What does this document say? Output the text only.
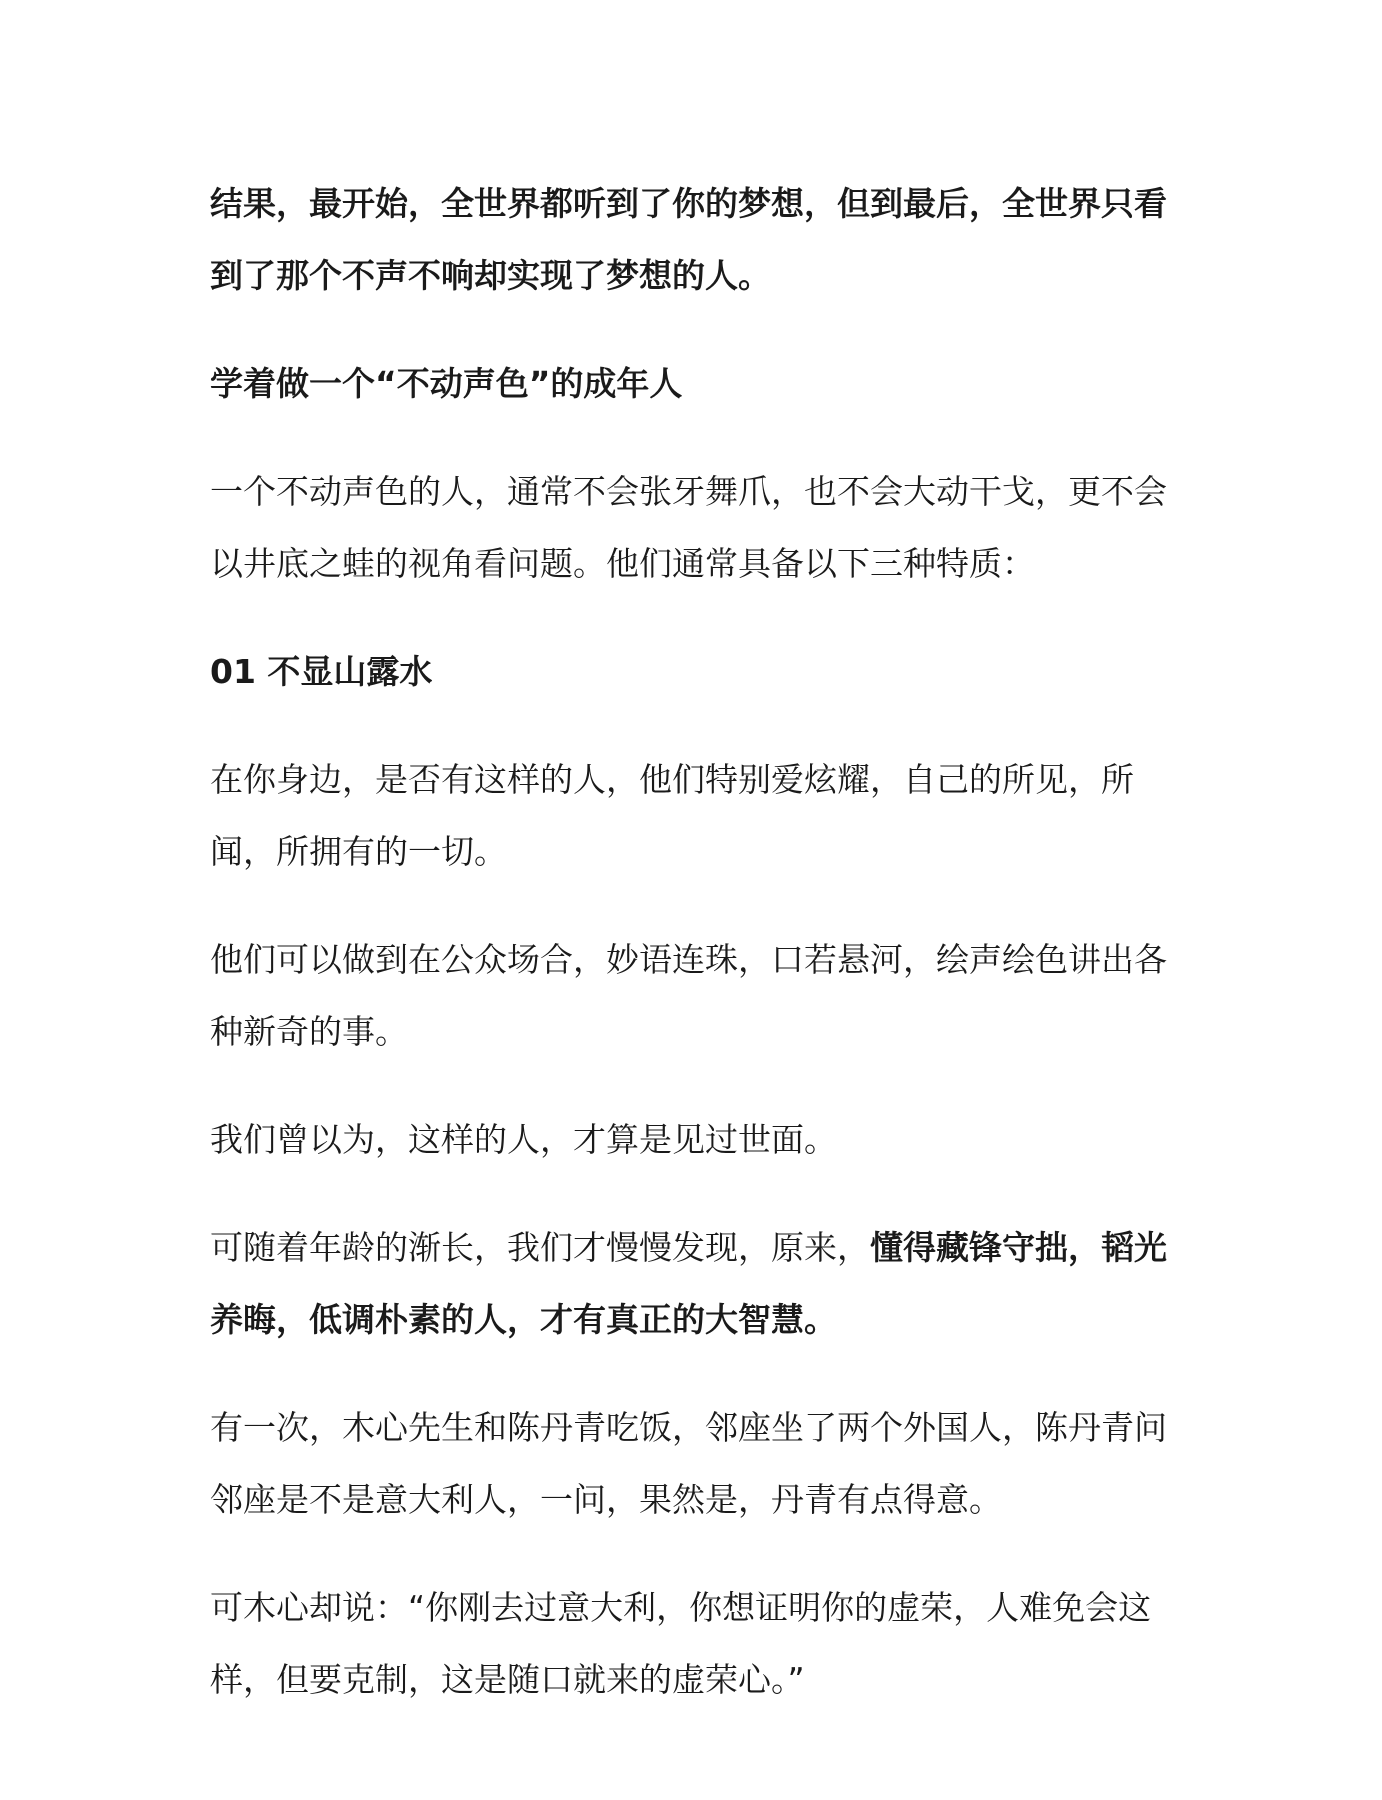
结果，最开始，全世界都听到了你的梦想，但到最后，全世界只看到了那个不声不响却实现了梦想的人。

学着做一个“不动声色”的成年人

一个不动声色的人，通常不会张牙舞爪，也不会大动干戈，更不会以井底之蛙的视角看问题。他们通常具备以下三种特质：

01 不显山露水

在你身边，是否有这样的人，他们特别爱炫耀，自己的所见，所闻，所拥有的一切。

他们可以做到在公众场合，妙语连珠，口若悬河，绘声绘色讲出各种新奇的事。

我们曾以为，这样的人，才算是见过世面。

可随着年龄的渐长，我们才慢慢发现，原来，懂得藏锋守拙，韬光养晦，低调朴素的人，才有真正的大智慧。

有一次，木心先生和陈丹青吃饭，邻座坐了两个外国人，陈丹青问邻座是不是意大利人，一问，果然是，丹青有点得意。

可木心却说：“你刚去过意大利，你想证明你的虚荣，人难免会这样，但要克制，这是随口就来的虚荣心。”
